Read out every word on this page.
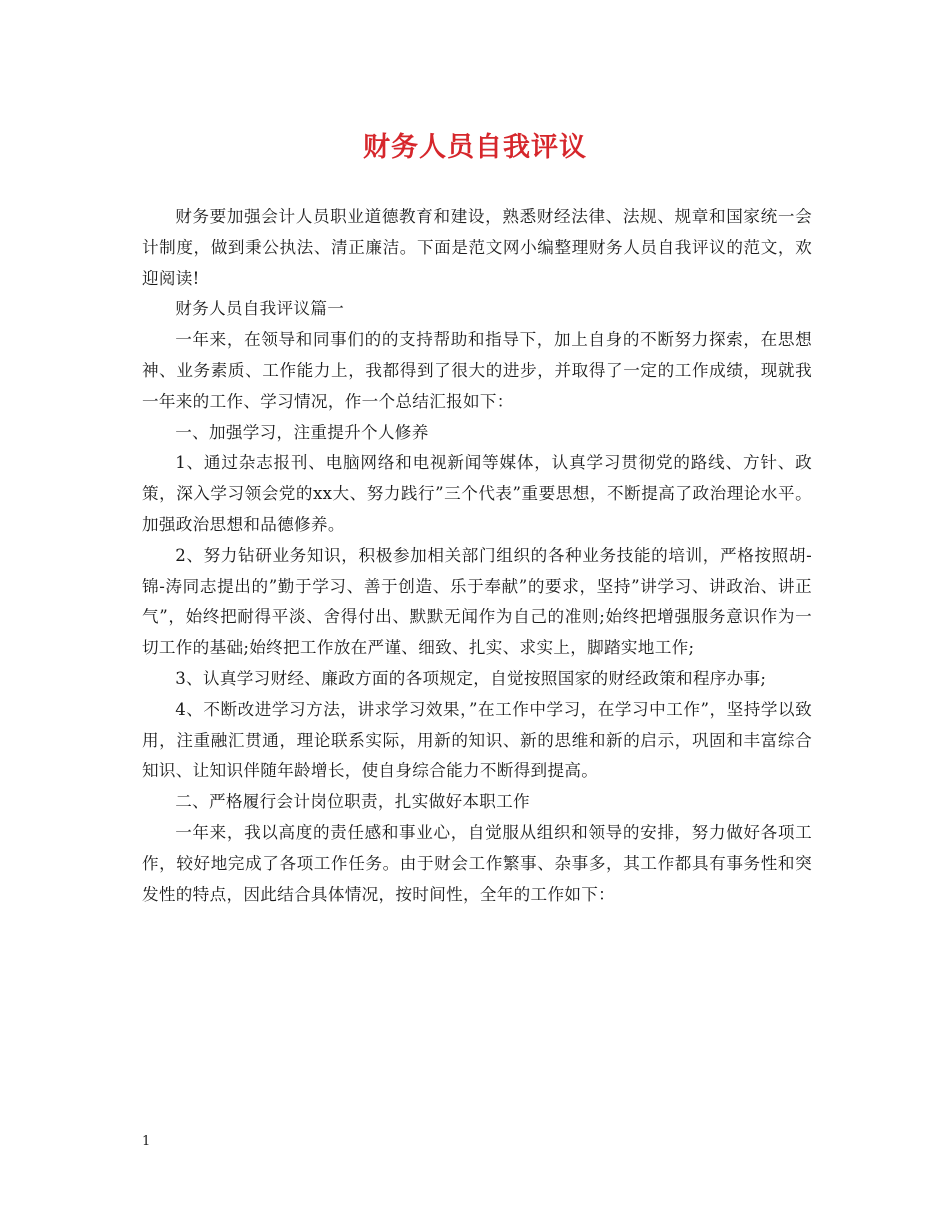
财务人员自我评议

财务要加强会计人员职业道德教育和建设，熟悉财经法律、法规、规章和国家统一会计制度，做到秉公执法、清正廉洁。下面是范文网小编整理财务人员自我评议的范文，欢迎阅读!

财务人员自我评议篇一

一年来，在领导和同事们的的支持帮助和指导下，加上自身的不断努力探索，在思想神、业务素质、工作能力上，我都得到了很大的进步，并取得了一定的工作成绩，现就我一年来的工作、学习情况，作一个总结汇报如下：

一、加强学习，注重提升个人修养

1、通过杂志报刊、电脑网络和电视新闻等媒体，认真学习贯彻党的路线、方针、政策，深入学习领会党的xx大、努力践行”三个代表”重要思想，不断提高了政治理论水平。加强政治思想和品德修养。

2、努力钻研业务知识，积极参加相关部门组织的各种业务技能的培训，严格按照胡-锦-涛同志提出的”勤于学习、善于创造、乐于奉献”的要求，坚持”讲学习、讲政治、讲正气”，始终把耐得平淡、舍得付出、默默无闻作为自己的准则;始终把增强服务意识作为一切工作的基础;始终把工作放在严谨、细致、扎实、求实上，脚踏实地工作;

3、认真学习财经、廉政方面的各项规定，自觉按照国家的财经政策和程序办事;

4、不断改进学习方法，讲求学习效果，”在工作中学习，在学习中工作”，坚持学以致用，注重融汇贯通，理论联系实际，用新的知识、新的思维和新的启示，巩固和丰富综合知识、让知识伴随年龄增长，使自身综合能力不断得到提高。

二、严格履行会计岗位职责，扎实做好本职工作

一年来，我以高度的责任感和事业心，自觉服从组织和领导的安排，努力做好各项工作，较好地完成了各项工作任务。由于财会工作繁事、杂事多，其工作都具有事务性和突发性的特点，因此结合具体情况，按时间性，全年的工作如下：

1
